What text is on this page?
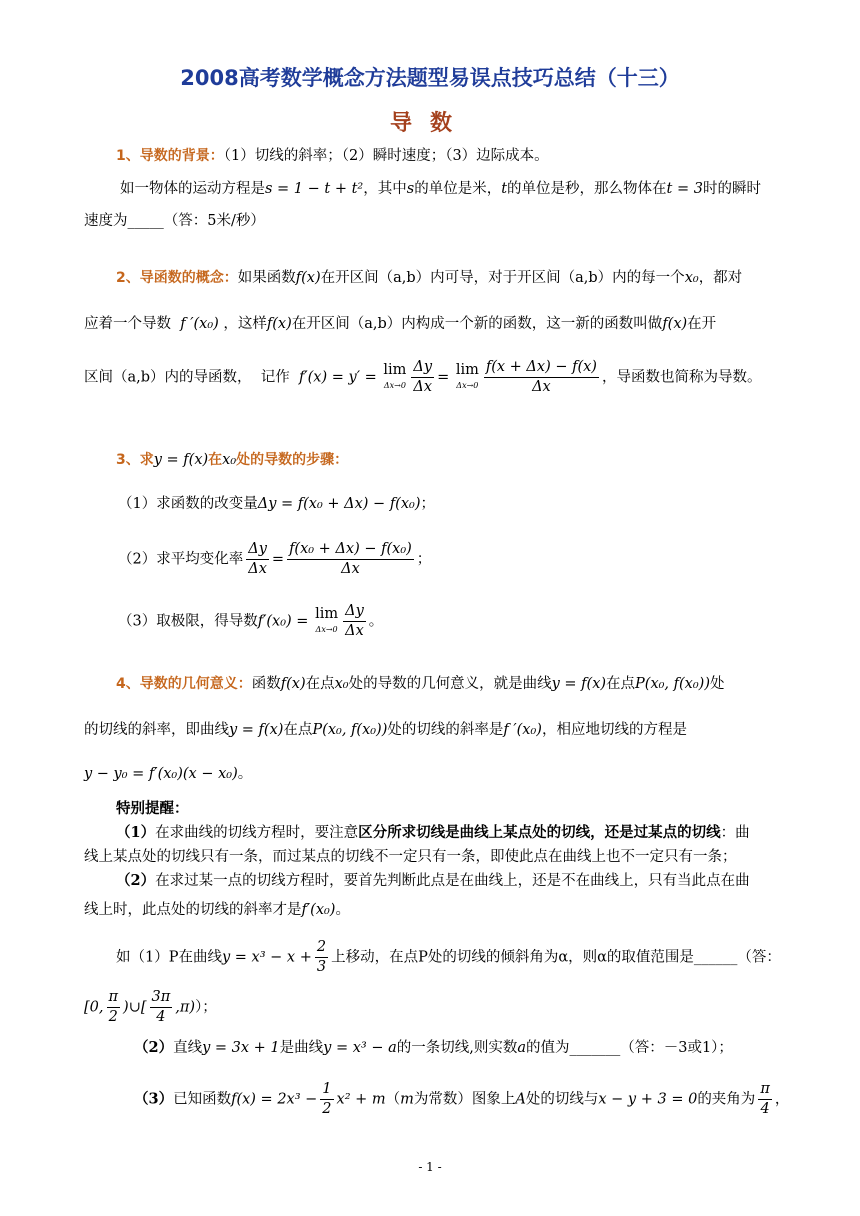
2008高考数学概念方法题型易误点技巧总结（十三）
导数
1、导数的背景：（1）切线的斜率；（2）瞬时速度；（3）边际成本。
如一物体的运动方程是s = 1 − t + t²，其中s的单位是米，t的单位是秒，那么物体在t = 3时的瞬时
速度为_____（答：5米/秒）
2、导函数的概念：如果函数f(x)在开区间（a,b）内可导，对于开区间（a,b）内的每一个x₀，都对
应着一个导数 f ′(x₀) ，这样f(x)在开区间（a,b）内构成一个新的函数，这一新的函数叫做f(x)在开
区间（a,b）内的导函数， 记作 f′(x) = y′ = lim
$\Delta x\to 0 \frac{\Delta y}{\Delta x} = \lim$
$\Delta x\to 0 \frac{f(x + \Delta x) - f(x)}{\Delta x}$ ，导函数也简称为导数。
3、求y = f(x)在x₀处的导数的步骤：
（1）求函数的改变量Δy = f(x₀ + Δx) − f(x₀)；
（2）求平均变化率 $\frac{\Delta y}{\Delta x} = \frac{\text{f(x₀ + Δx) − f(x₀)}}{\Delta x}$ ；
（3）取极限，得导数f′(x₀) = lim
$\Delta x\to 0 \frac{\Delta y}{\Delta x}$ 。
4、导数的几何意义：函数f(x)在点x₀处的导数的几何意义，就是曲线y = f(x)在点P(x₀, f(x₀))处
的切线的斜率，即曲线y = f(x)在点P(x₀, f(x₀))处的切线的斜率是f ′(x₀)，相应地切线的方程是
y − y₀ = f′(x₀)(x − x₀)。
特别提醒：
（1）在求曲线的切线方程时，要注意区分所求切线是曲线上某点处的切线，还是过某点的切线：曲
线上某点处的切线只有一条，而过某点的切线不一定只有一条，即使此点在曲线上也不一定只有一条；
（2）在求过某一点的切线方程时，要首先判断此点是在曲线上，还是不在曲线上，只有当此点在曲
线上时，此点处的切线的斜率才是f′(x₀)。
如（1）P在曲线$y = x^3 - x + \frac{2}{3}$ 上移动，在点P处的切线的倾斜角为α，则α的取值范围是______（答：
[0, $\frac{\pi}{2}$ )∪[ $\frac{3\pi}{4} ,\pi$)）；
（2）直线y = 3x + 1是曲线y = x³ − a的一条切线,则实数a的值为_______（答：－3或1）；
（3）已知函数$f(x) = 2x^3 - \frac{1}{2} x^2 + m(m$为常数）图象上A处的切线与x − y + 3 = 0的夹角为 $\frac{\pi}{4}$ ，
- 1 -
